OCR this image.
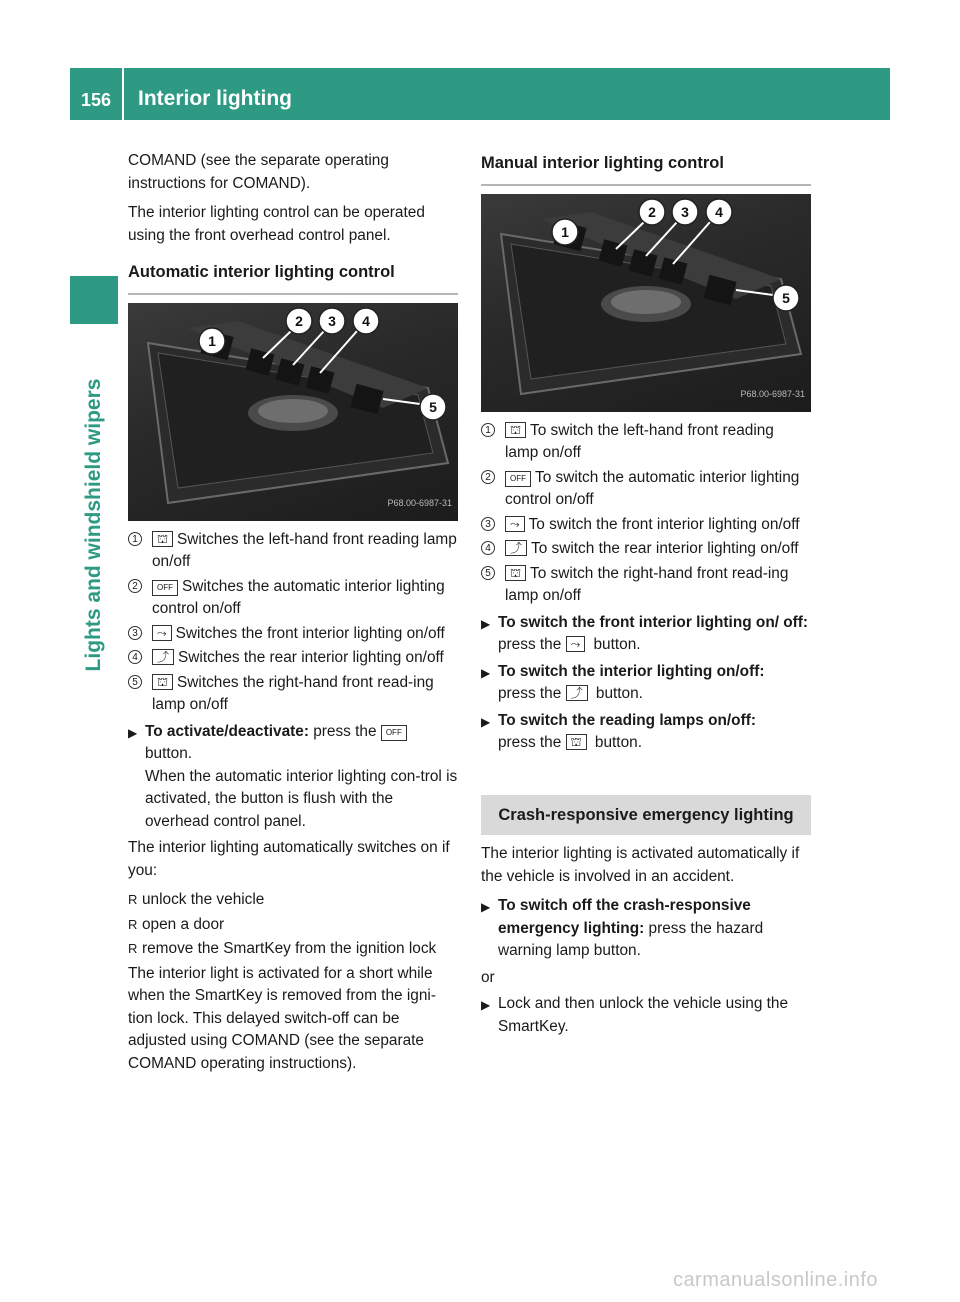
156	Interior lighting
Lights and windshield wipers

COMAND (see the separate operating instructions for COMAND).

The interior lighting control can be operated using the front overhead control panel.

Automatic interior lighting control
1
2 3 4
5
P68.00-6987-31
1	⛫ Switches the left-hand front reading lamp on/off
2	OFF Switches the automatic interior lighting control on/off
3	⤳ Switches the front interior lighting on/off
4	⤴ Switches the rear interior lighting on/off
5	⛫ Switches the right-hand front read-ing lamp on/off
▶ To activate/deactivate: press the OFF button.
When the automatic interior lighting con-trol is activated, the button is flush with the overhead control panel.

The interior lighting automatically switches on if you:

R unlock the vehicle
R open a door
R remove the SmartKey from the ignition lock

The interior light is activated for a short while when the SmartKey is removed from the igni-tion lock. This delayed switch-off can be adjusted using COMAND (see the separate COMAND operating instructions).

Manual interior lighting control
1
2 3 4
5
P68.00-6987-31
1	⛫ To switch the left-hand front reading lamp on/off
2	OFF To switch the automatic interior lighting control on/off
3	⤳ To switch the front interior lighting on/off
4	⤴ To switch the rear interior lighting on/off
5	⛫ To switch the right-hand front read-ing lamp on/off
▶ To switch the front interior lighting on/ off: press the ⤳ button.
▶ To switch the interior lighting on/off:
press the ⤴ button.
▶ To switch the reading lamps on/off:
press the ⛫ button.
Crash-responsive emergency lighting

The interior lighting is activated automatically if the vehicle is involved in an accident.

▶ To switch off the crash-responsive emergency lighting: press the hazard warning lamp button.

or

▶ Lock and then unlock the vehicle using the SmartKey.
carmanualsonline.info
